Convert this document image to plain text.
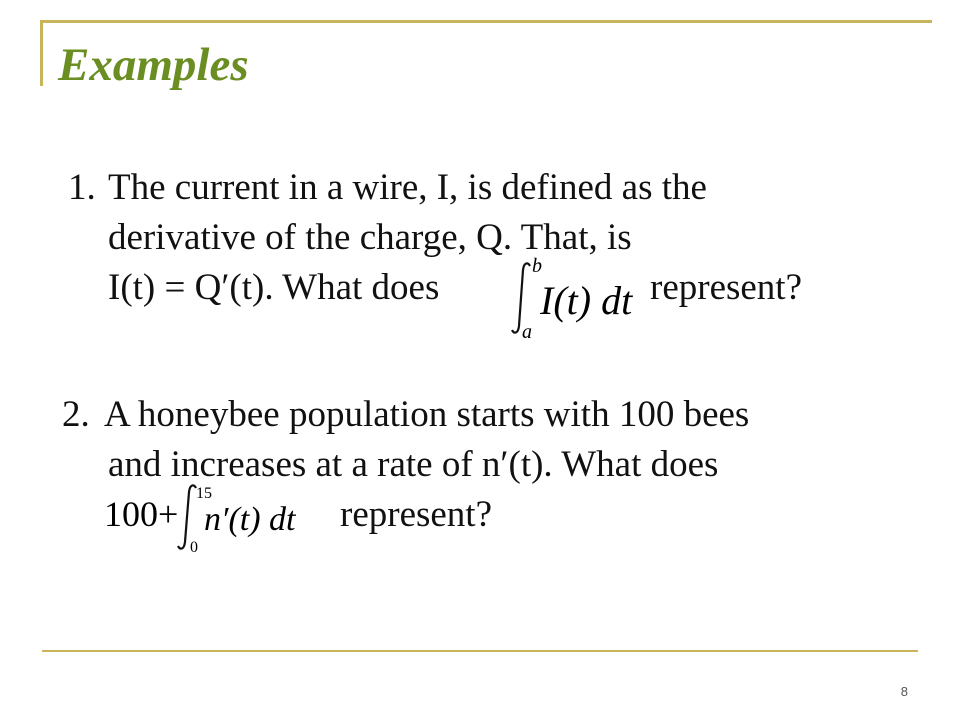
Examples
1. The current in a wire, I, is defined as the
derivative of the charge, Q. That, is
I(t) = Q′(t). What does	represent?
b
a
I(t) dt
2. A honeybee population starts with 100 bees
and increases at a rate of n′(t). What does
represent?
100+
15
0
n′(t) dt
8
